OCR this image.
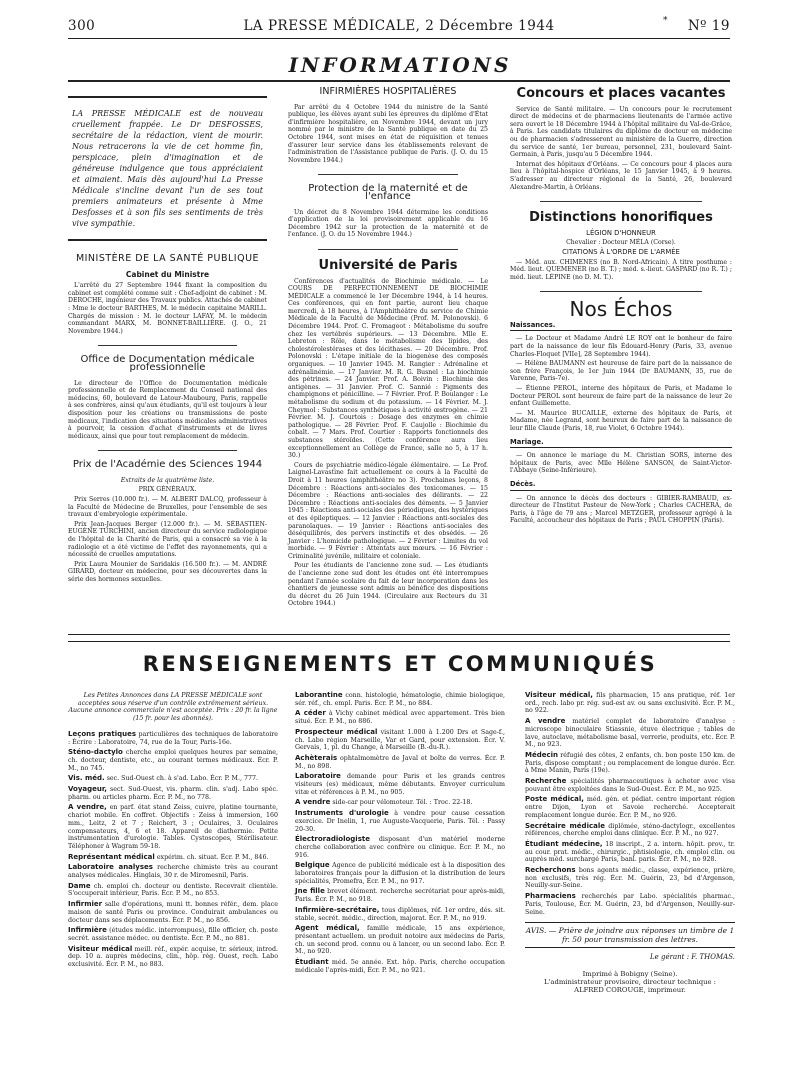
300	LA PRESSE MÉDICALE, 2 Décembre 1944	* Nº 19
INFORMATIONS
LA PRESSE MÉDICALE est de nouveau cruellement frappée. Le Dr DESFOSSES, secrétaire de la rédaction, vient de mourir. Nous retracerons la vie de cet homme fin, perspicace, plein d'imagination et de généreuse indulgence que tous appréciaient et aimaient. Mais dès aujourd'hui La Presse Médicale s'incline devant l'un de ses tout premiers animateurs et présente à Mme Desfosses et à son fils ses sentiments de très vive sympathie.
MINISTÈRE DE LA SANTÉ PUBLIQUE
Cabinet du Ministre

L'arrêté du 27 Septembre 1944 fixant la composition du cabinet est complété comme suit : Chef-adjoint de cabinet : M. DEROCHE, ingénieur des Travaux publics. Attachés de cabinet : Mme le docteur BARTHES, M. le médecin capitaine MARILL. Chargés de mission : M. le docteur LAFAY, M. le médecin commandant MARX, M. BONNET-BAILLIÈRE. (J. O., 21 Novembre 1944.)

Office de Documentation médicale professionnelle

Le directeur de l'Office de Documentation médicale professionnelle et de Remplacement du Conseil national des médecins, 60, boulevard de Latour-Maubourg, Paris, rappelle à ses confrères, ainsi qu'aux étudiants, qu'il est toujours à leur disposition pour les créations ou transmissions de poste médicaux, l'indication des situations médicales administratives à pourvoir, la cession d'achat d'instruments et de livres médicaux, ainsi que pour tout remplacement de médecin.

Prix de l'Académie des Sciences 1944

Extraits de la quatrième liste.

PRIX GÉNÉRAUX.

Prix Serres (10.000 fr.). — M. ALBERT DALCQ, professeur à la Faculté de Médecine de Bruxelles, pour l'ensemble de ses travaux d'embryologie expérimentale.

Prix Jean-Jacques Berger (12.000 fr.). — M. SÉBASTIEN-EUGÈNE TURCHINI, ancien directeur du service radiologique de l'hôpital de la Charité de Paris, qui a consacré sa vie à la radiologie et a été victime de l'effet des rayonnements, qui a nécessité de cruelles amputations.

Prix Laura Mounier de Saridakis (16.500 fr.). — M. ANDRÉ GIRARD, docteur en médecine, pour ses découvertes dans la série des hormones sexuelles.

INFIRMIÈRES HOSPITALIÈRES

Par arrêté du 4 Octobre 1944 du ministre de la Santé publique, les élèves ayant subi les épreuves du diplôme d'État d'infirmière hospitalière, en Novembre 1944, devant un jury nommé par le ministre de la Santé publique en date du 25 Octobre 1944, sont mises en état de réquisition et tenues d'assurer leur service dans les établissements relevant de l'administration de l'Assistance publique de Paris. (J. O. du 15 Novembre 1944.)

Protection de la maternité et de l'enfance

Un décret du 8 Novembre 1944 détermine les conditions d'application de la loi provisoirement applicable du 16 Décembre 1942 sur la protection de la maternité et de l'enfance. (J. O. du 15 Novembre 1944.)

Université de Paris

Conférences d'actualités de Biochimie médicale. — Le COURS DE PERFECTIONNEMENT DE BIOCHIMIE MÉDICALE a commencé le 1er Décembre 1944, à 14 heures. Ces conférences, qui en font partie, auront lieu chaque mercredi, à 18 heures, à l'Amphithéâtre du service de Chimie Médicale de la Faculté de Médecine (Prof. M. Polonovski). 6 Décembre 1944. Prof. C. Fromageot : Métabolisme du soufre chez les vertébrés supérieurs. — 13 Décembre. Mlle E. Lebreton : Rôle, dans le métabolisme des lipides, des cholestérolestérases et des lécithases. — 20 Décembre. Prof. Polonovski : L'étape initiale de la biogenèse des composés organiques. — 10 Janvier 1945. M. Rangier : Adrénaline et adrénalinémie. — 17 Janvier. M. R. G. Busnel : La biochimie des pétrines. — 24 Janvier. Prof. A. Boivin : Biochimie des antigènes. — 31 Janvier. Prof. C. Sannié : Pigments des champignons et pénicilline. — 7 Février. Prof. P. Boulanger : Le métabolisme du sodium et du potassium. — 14 Février. M. J. Cheymol : Substances synthétiques à activité œstrogène. — 21 Février. M. J. Courtois : Dosage des enzymes en chimie pathologique. — 28 Février. Prof. F. Caujolle : Biochimie du cobalt. — 7 Mars. Prof. Courtier : Rapports fonctionnels des substances stéroïdes. (Cette conférence aura lieu exceptionnellement au Collège de France, salle no 5, à 17 h. 30.)

Cours de psychiatrie médico-légale élémentaire. — Le Prof. Laignel-Lavastine fait actuellement ce cours à la Faculté de Droit à 11 heures (amphithéâtre no 3). Prochaines leçons, 8 Décembre : Réactions anti-sociales des toxicomanes. — 15 Décembre : Réactions anti-sociales des délirants. — 22 Décembre : Réactions anti-sociales des déments. — 5 Janvier 1945 : Réactions anti-sociales des périodiques, des hystériques et des épileptiques. — 12 Janvier : Réactions anti-sociales des paranoïaques. — 19 Janvier : Réactions anti-sociales des déséquilibrés, des pervers instinctifs et des obsédés. — 26 Janvier : L'homicide pathologique. — 2 Février : Limites du vol morbide. — 9 Février : Attentats aux mœurs. — 16 Février : Criminalité juvénile, militaire et coloniale.

Pour les étudiants de l'ancienne zone sud. — Les étudiants de l'ancienne zone sud dont les études ont été interrompues pendant l'année scolaire du fait de leur incorporation dans les chantiers de jeunesse sont admis au bénéfice des dispositions du décret du 26 Juin 1944. (Circulaire aux Recteurs du 31 Octobre 1944.)

Concours et places vacantes

Service de Santé militaire. — Un concours pour le recrutement direct de médecins et de pharmaciens lieutenants de l'armée active sera ouvert le 18 Décembre 1944 à l'hôpital militaire du Val-de-Grâce, à Paris. Les candidats titulaires du diplôme de docteur en médecine ou de pharmacien s'adresseront au ministère de la Guerre, direction du service de santé, 1er bureau, personnel, 231, boulevard Saint-Germain, à Paris, jusqu'au 5 Décembre 1944.

Internat des hôpitaux d'Orléans. — Ce concours pour 4 places aura lieu à l'hôpital-hospice d'Orléans, le 15 Janvier 1945, à 9 heures. S'adresser au directeur régional de la Santé, 26, boulevard Alexandre-Martin, à Orléans.

Distinctions honorifiques

LÉGION D'HONNEUR

Chevalier : Docteur MÉLA (Corse).

CITATIONS À L'ORDRE DE L'ARMÉE

— Méd. aux. CHIMENES (no B. Nord-Africain). À titre posthume : Méd. lieut. QUEMENER (no B. T.) ; méd. s.-lieut. GASPARD (no R. T.) ; méd. lieut. LÉPINE (no D. M. T.).

Nos Échos
Naissances.

— Le Docteur et Madame André LE ROY ont le bonheur de faire part de la naissance de leur fils Édouard-Henry (Paris, 33, avenue Charles-Floquet [VIIe], 28 Septembre 1944).

— Hélène BAUMANN est heureuse de faire part de la naissance de son frère François, le 1er Juin 1944 (Dr BAUMANN, 35, rue de Varenne, Paris-7e).

— Étienne PEROL, interne des hôpitaux de Paris, et Madame le Docteur PEROL sont heureux de faire part de la naissance de leur 2e enfant Guillemette.

— M. Maurice BUCAILLE, externe des hôpitaux de Paris, et Madame, née Legrand, sont heureux de faire part de la naissance de leur fille Claude (Paris, 18, rue Violet, 6 Octobre 1944).

Mariage.

— On annonce le mariage du M. Christian SORS, interne des hôpitaux de Paris, avec Mlle Hélène SANSON, de Saint-Victor-l'Abbaye (Seine-Inférieure).

Décès.

— On annonce le décès des docteurs : GIBIER-RAMBAUD, ex-directeur de l'Institut Pasteur de New-York ; Charles CACHERA, de Paris, à l'âge de 79 ans ; Marcel METZGER, professeur agrégé à la Faculté, accoucheur des hôpitaux de Paris ; PAUL CHOPPIN (Paris).

RENSEIGNEMENTS ET COMMUNIQUÉS

Les Petites Annonces dans LA PRESSE MÉDICALE sont acceptées sous réserve d'un contrôle extrêmement sérieux. Aucune annonce commerciale n'est acceptée. Prix : 20 fr. la ligne (15 fr. pour les abonnés).

Leçons pratiques particulières des techniques de laboratoire : Écrire : Laboratoire, 74, rue de la Tour, Paris-16e.

Sténo-dactylo cherche emploi quelques heures par semaine, ch. docteur, dentiste, etc., au courant termes médicaux. Écr. P. M., no 745.

Vis. méd. sec. Sud-Ouest ch. à s'ad. Labo. Écr. P. M., 777.

Voyageur, sect. Sud-Ouest, vis. pharm. clin. s'adj. Labo spéc. pharm. ou articles pharm. Écr. P. M., no 778.

A vendre, en parf. état stand Zeiss, cuivre, platine tournante, chariot mobile. En coffret. Objectifs : Zeiss à immersion, 160 mm., Leitz, 2 et 7 ; Reichert, 3 ; Oculaires, 3. Oculaires compensateurs, 4, 6 et 18. Appareil de diathermie. Petite instrumentation d'urologie. Tables. Cystoscopes, Stérilisateur. Téléphoner à Wagram 59-18.

Représentant médical expérim. ch. situat. Écr. P. M., 846.

Laboratoire analyses recherche chimiste très au courant analyses médicales. Hinglais, 30 r. de Miromesnil, Paris.

Dame ch. emploi ch. docteur ou dentiste. Recevrait clientèle. S'occuperait intérieur, Paris. Écr. P. M., no 853.

Infirmier salle d'opérations, muni tt. bonnes référ., dem. place maison de santé Paris ou province. Conduirait ambulances ou docteur dans ses déplacements. Écr. P. M., no 856.

Infirmière (études médic. interrompues), fille officier, ch. poste secrét. assistance médec. ou dentiste. Écr. P. M., no 881.

Visiteur médical meill. réf., expér. acquise, tr. sérieux, introd. dep. 10 a. auprès médecins, clin., hôp. rég. Ouest, rech. Labo exclusivité. Écr. P. M., no 883.

Laborantine conn. histologie, hématologie, chimie biologique, sér. réf., ch. empl. Paris. Écr. P. M., no 884.

A céder à Vichy cabinet médical avec appartement. Très bien situé. Écr. P. M., no 886.

Prospecteur médical visitant 1.000 à 1.200 Drs et Sage-f., ch. Labo région Marseille, Var et Gard, pour extension. Écr. V. Gervais, 1, pl. du Change, à Marseille (B.-du-R.).

Achèterais ophtalmomètre de Javal et boîte de verres. Écr. P. M., no 898.

Laboratoire demande pour Paris et les grands centres visiteurs (es) médicaux, même débutants. Envoyer curriculum vitæ et références à P. M., no 905.

A vendre side-car pour vélomoteur. Tél. : Troc. 22-18.

Instruments d'urologie à vendre pour cause cessation exercice. Dr Inelin, 1, rue Auguste-Vacquerie, Paris. Tél. : Passy 20-30.

Électroradiologiste disposant d'un matériel moderne cherche collaboration avec confrère ou clinique. Écr. P. M., no 916.

Belgique Agence de publicité médicale est à la disposition des laboratoires français pour la diffusion et la distribution de leurs spécialités, Promefra, Écr. P. M., no 917.

Jne fille brevet élément. recherche secrétariat pour après-midi, Paris. Écr. P. M., no 918.

Infirmière-secrétaire, tous diplômes, réf. 1er ordre, dés. sit. stable, secrét. médic., direction, majorat. Écr. P. M., no 919.

Agent médical, famille médicale, 15 ans expérience, présentant actuellem. un produit notoire aux médecins de Paris, ch. un second prod. connu ou à lancer, ou un second labo. Écr. P. M., no 920.

Étudiant méd. 5e année. Ext. hôp. Paris, cherche occupation médicale l'après-midi, Écr. P. M., no 921.

Visiteur médical, fils pharmacien, 15 ans pratique, réf. 1er ord., rech. labo pr. rég. sud-est av. ou sans exclusivité. Écr. P. M., no 922.

A vendre matériel complet de laboratoire d'analyse : microscope binoculaire Stiassnie, étuve électrique ; tables de lave, autoclave, métabolisme basal, verrerie, produits, etc. Écr. P. M., no 923.

Médecin réfugié des côtes, 2 enfants, ch. bon poste 150 km. de Paris, dispose comptant ; ou remplacement de longue durée. Écr. à Mme Manin, Paris (19e).

Recherche spécialités pharmaceutiques à acheter avec visa pouvant être exploitées dans le Sud-Ouest. Écr. P. M., no 925.

Poste médical, méd. gén. et pédiat. centre important région entre Dijon, Lyon et Savoie recherché. Accepterait remplacement longue durée. Écr. P. M., no 926.

Secrétaire médicale diplômée, sténo-dactylogr., excellentes références, cherche emploi dans clinique. Écr. P. M., no 927.

Étudiant médecine, 18 inscript., 2 a. intern. hôpit. prov., tr. au cour. prat. médic., chirurgic., phtisiologie, ch. emploi clin. ou auprès méd. surchargé Paris, banl. paris. Écr. P. M., no 928.

Recherchons bons agents médic., classe, expérience, prière, non exclusifs, très rég. Écr. M. Guérin, 23, bd d'Argenson, Neuilly-sur-Seine.

Pharmaciens recherchés par Labo. spécialités pharmac., Paris, Toulouse, Écr. M. Guérin, 23, bd d'Argenson, Neuilly-sur-Seine.

AVIS. — Prière de joindre aux réponses un timbre de 1 fr. 50 pour transmission des lettres.
Le gérant : F. THOMAS.
Imprimé à Bobigny (Seine).
L'administrateur provisoire, directeur technique :
ALFRED COROUGE, imprimeur.
